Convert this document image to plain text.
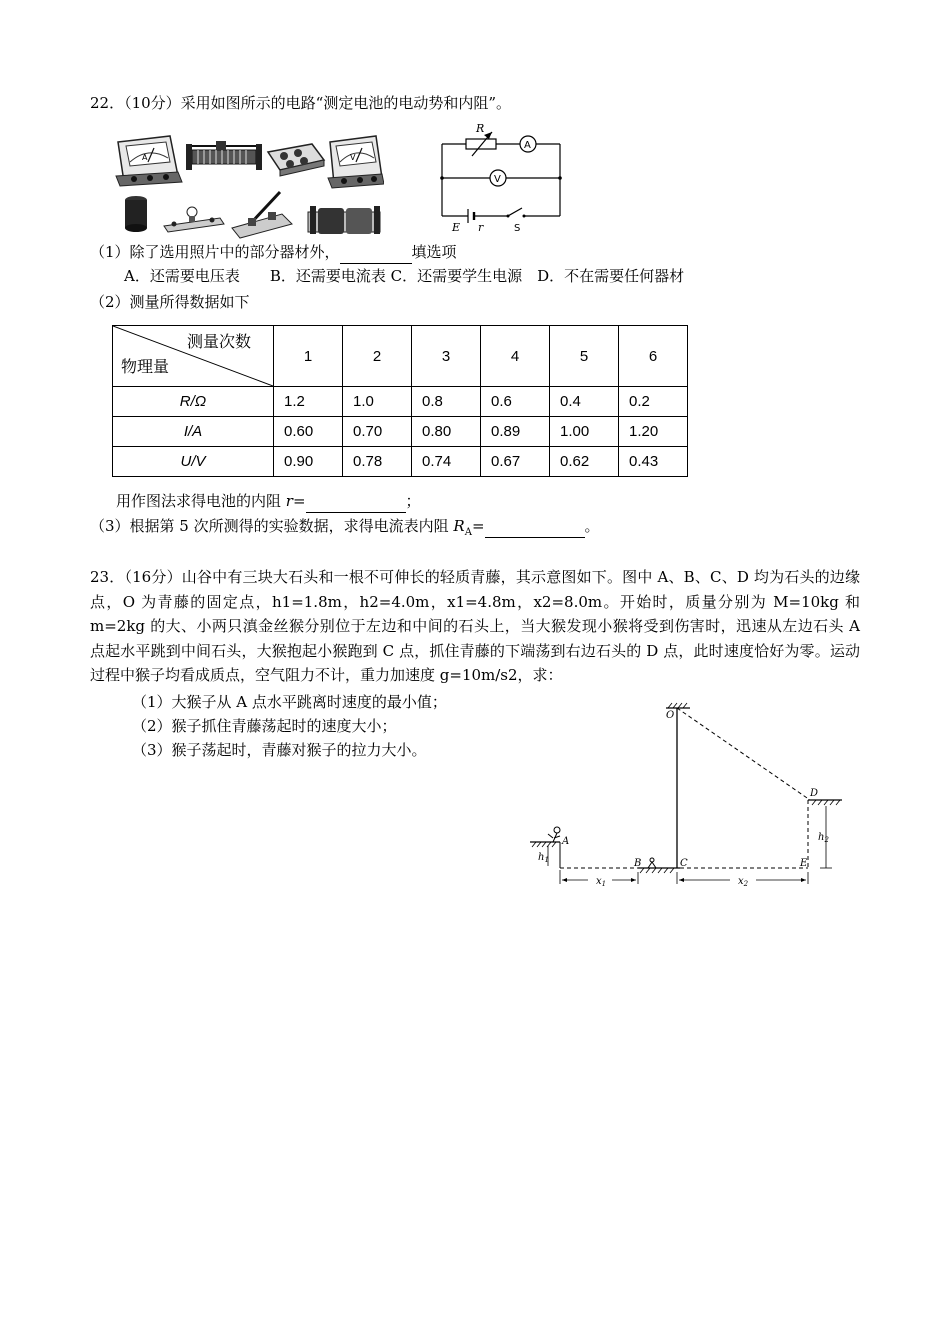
22．（10分）采用如图所示的电路“测定电池的电动势和内阻”。
A	V
R
E r
A
V
S
（1）除了选用照片中的部分器材外，	填选项
A．还需要电压表　　B．还需要电流表 C．还需要学生电源　D．不在需要任何器材
（2）测量所得数据如下
测量次数
物理量	1	2	3	4	5	6
R/Ω	1.2	1.0	0.8	0.6	0.4	0.2
I/A	0.60	0.70	0.80	0.89	1.00	1.20
U/V	0.90	0.78	0.74	0.67	0.62	0.43
用作图法求得电池的内阻 r=	；
（3）根据第 5 次所测得的实验数据，求得电流表内阻 $R_A=$	。
23．（16分）山谷中有三块大石头和一根不可伸长的轻质青藤，其示意图如下。图中 A、B、C、D 均为石头的边缘点，O 为青藤的固定点，h1=1.8m，h2=4.0m，x1=4.8m，x2=8.0m。开始时，质量分别为 M=10kg 和 m=2kg 的大、小两只滇金丝猴分别位于左边和中间的石头上，当大猴发现小猴将受到伤害时，迅速从左边石头 A 点起水平跳到中间石头，大猴抱起小猴跑到 C 点，抓住青藤的下端荡到右边石头的 D 点，此时速度恰好为零。运动过程中猴子均看成质点，空气阻力不计，重力加速度 g=10m/s2，求：
（1）大猴子从 A 点水平跳离时速度的最小值；
（2）猴子抓住青藤荡起时的速度大小；
（3）猴子荡起时，青藤对猴子的拉力大小。
O
A
B	C
D
E
$h_1$
$h_2$
$x_1$	$x_2$
